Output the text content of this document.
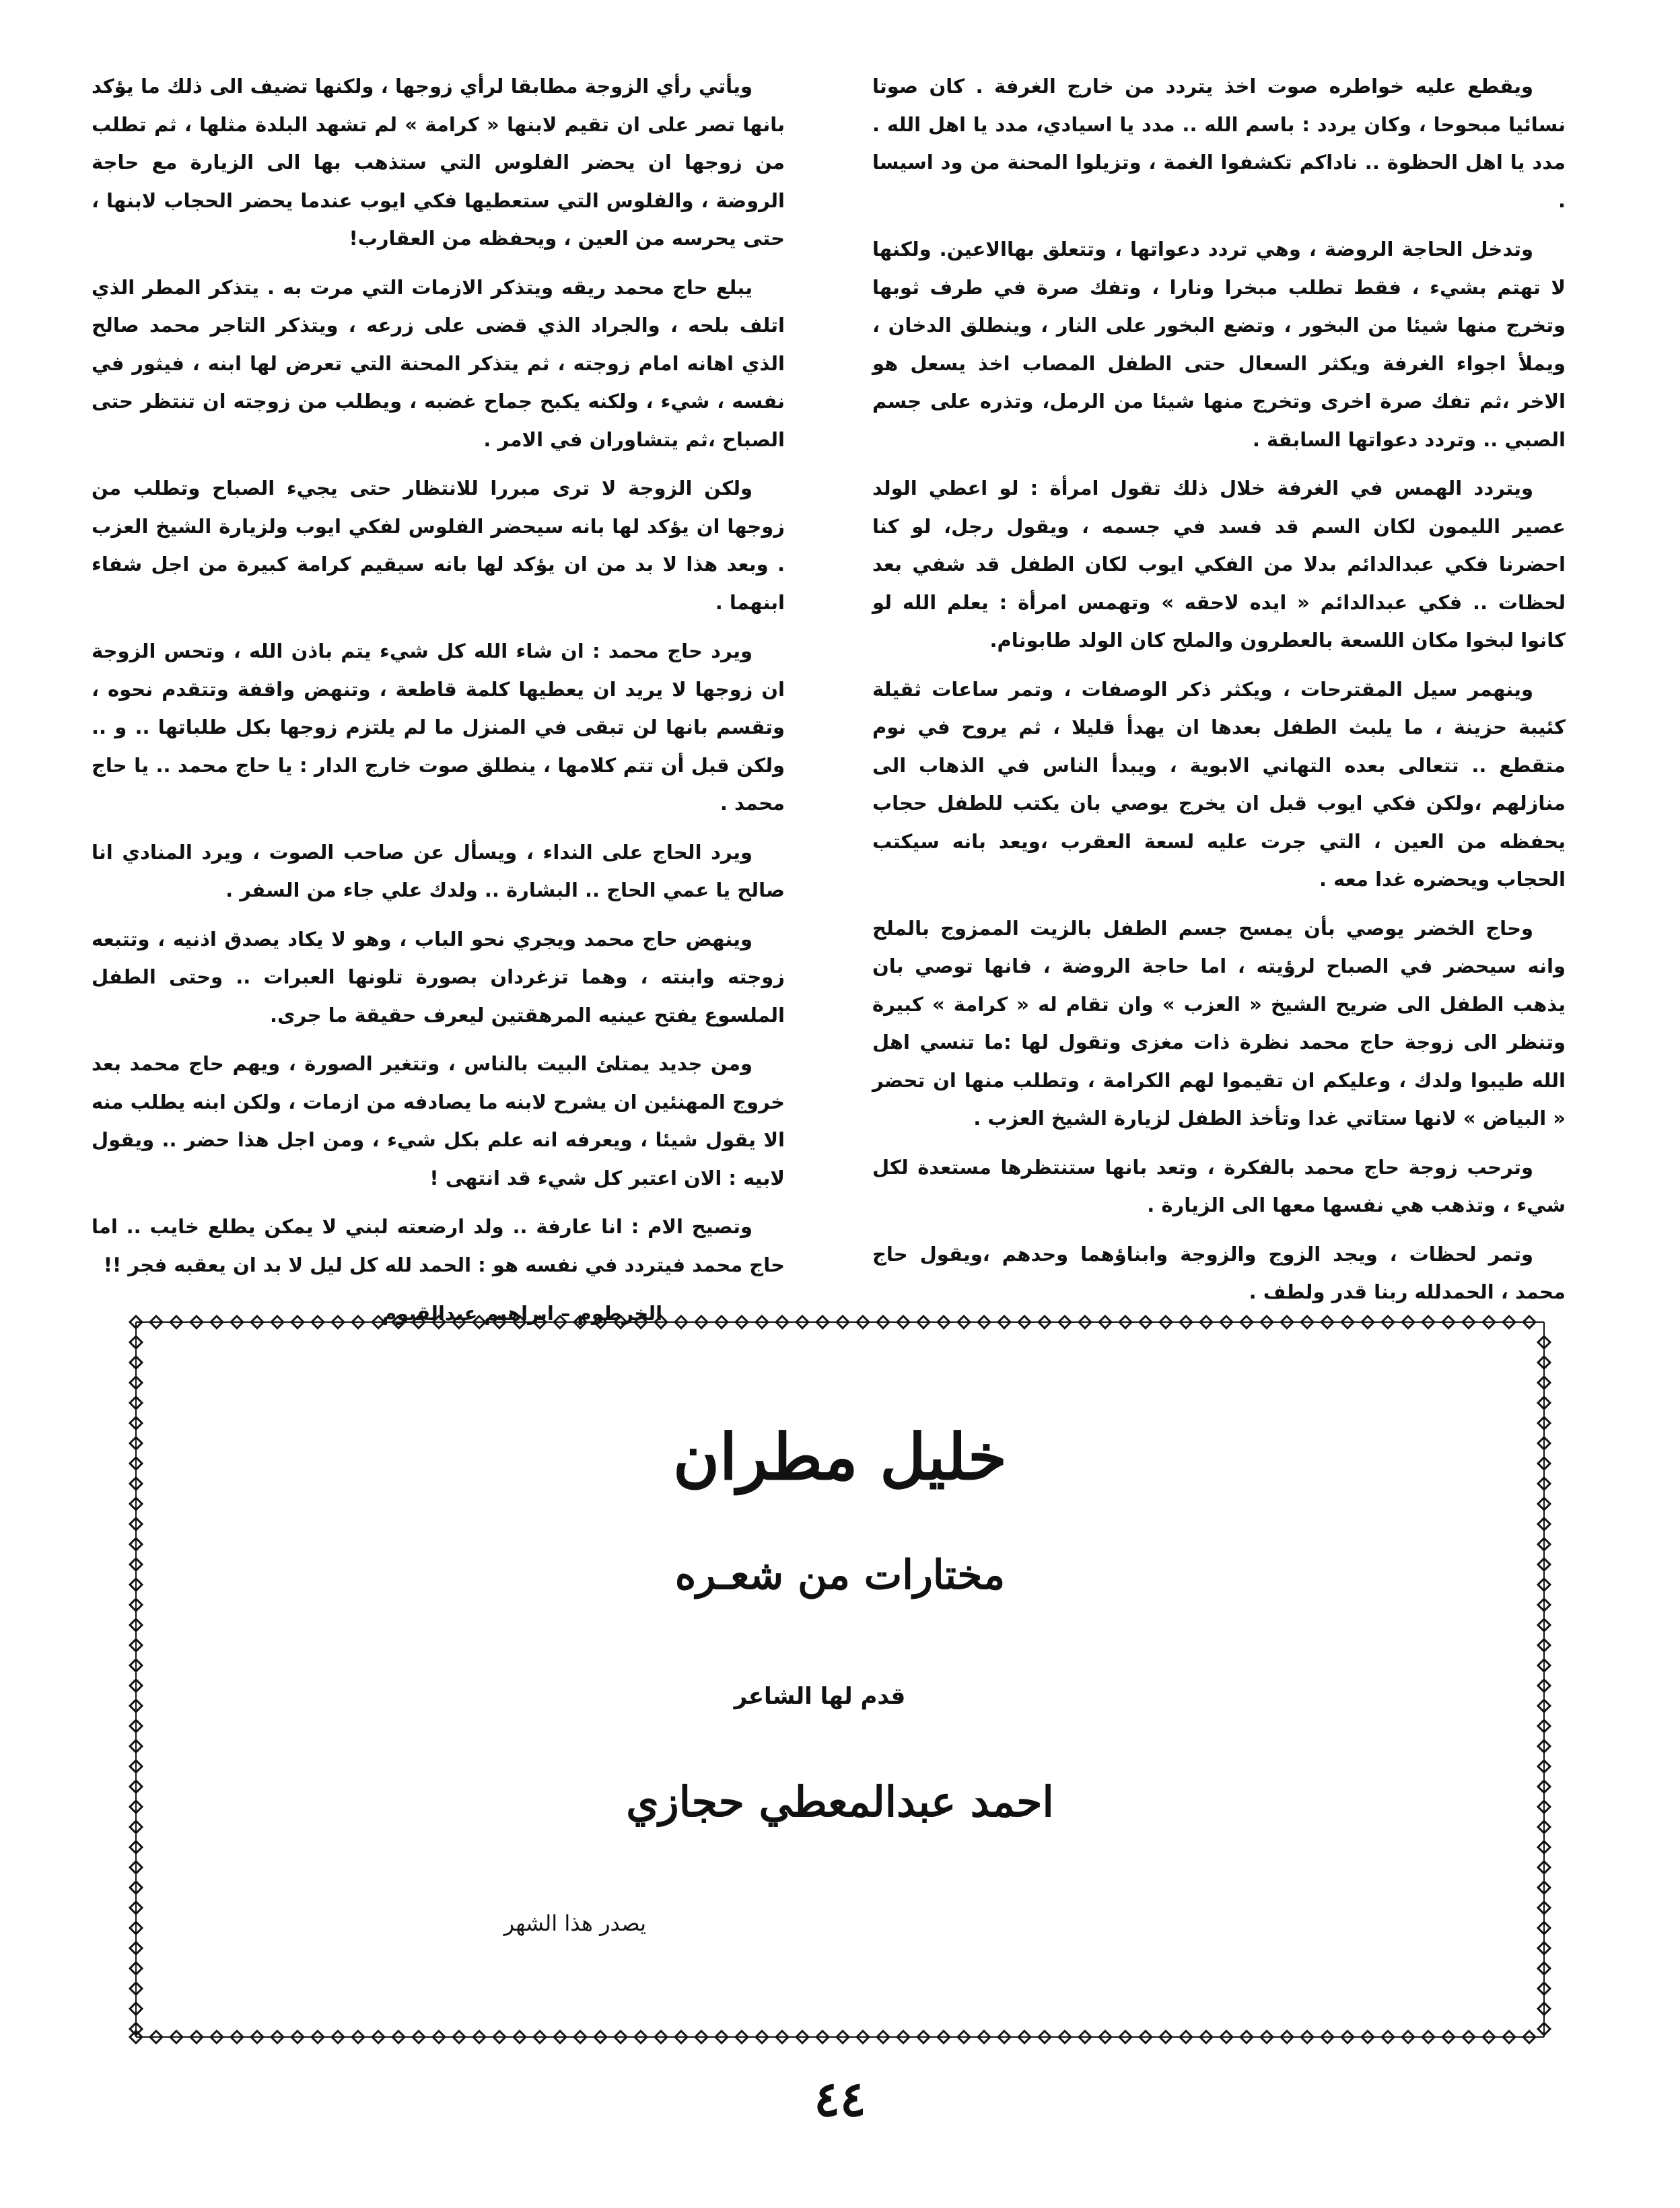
ويقطع عليه خواطره صوت اخذ يتردد من خارج الغرفة . كان صوتا نسائيا مبحوحا ، وكان يردد : باسم الله .. مدد يا اسيادي، مدد يا اهل الله . مدد يا اهل الحظوة .. ناداكم تكشفوا الغمة ، وتزيلوا المحنة من ود اسيسا .

وتدخل الحاجة الروضة ، وهي تردد دعواتها ، وتتعلق بهاالاعين. ولكنها لا تهتم بشيء ، فقط تطلب مبخرا ونارا ، وتفك صرة في طرف ثوبها وتخرج منها شيئا من البخور ، وتضع البخور على النار ، وينطلق الدخان ، ويملأ اجواء الغرفة ويكثر السعال حتى الطفل المصاب اخذ يسعل هو الاخر ،ثم تفك صرة اخرى وتخرج منها شيئا من الرمل، وتذره على جسم الصبي .. وتردد دعواتها السابقة .

ويتردد الهمس في الغرفة خلال ذلك تقول امرأة : لو اعطي الولد عصير الليمون لكان السم قد فسد في جسمه ، ويقول رجل، لو كنا احضرنا فكي عبدالدائم بدلا من الفكي ايوب لكان الطفل قد شفي بعد لحظات .. فكي عبدالدائم « ايده لاحقه » وتهمس امرأة : يعلم الله لو كانوا لبخوا مكان اللسعة بالعطرون والملح كان الولد طابونام.

وينهمر سيل المقترحات ، ويكثر ذكر الوصفات ، وتمر ساعات ثقيلة كئيبة حزينة ، ما يلبث الطفل بعدها ان يهدأ قليلا ، ثم يروح في نوم متقطع .. تتعالى بعده التهاني الابوية ، ويبدأ الناس في الذهاب الى منازلهم ،ولكن فكي ايوب قبل ان يخرج يوصي بان يكتب للطفل حجاب يحفظه من العين ، التي جرت عليه لسعة العقرب ،ويعد بانه سيكتب الحجاب ويحضره غدا معه .

وحاج الخضر يوصي بأن يمسح جسم الطفل بالزيت الممزوج بالملح وانه سيحضر في الصباح لرؤيته ، اما حاجة الروضة ، فانها توصي بان يذهب الطفل الى ضريح الشيخ « العزب » وان تقام له « كرامة » كبيرة وتنظر الى زوجة حاج محمد نظرة ذات مغزى وتقول لها :ما تنسي اهل الله طيبوا ولدك ، وعليكم ان تقيموا لهم الكرامة ، وتطلب منها ان تحضر « البياض » لانها ستاتي غدا وتأخذ الطفل لزيارة الشيخ العزب .

وترحب زوجة حاج محمد بالفكرة ، وتعد بانها ستنتظرها مستعدة لكل شيء ، وتذهب هي نفسها معها الى الزيارة .

وتمر لحظات ، ويجد الزوج والزوجة وابناؤهما وحدهم ،ويقول حاج محمد ، الحمدلله ربنا قدر ولطف .

ويأتي رأي الزوجة مطابقا لرأي زوجها ، ولكنها تضيف الى ذلك ما يؤكد بانها تصر على ان تقيم لابنها « كرامة » لم تشهد البلدة مثلها ، ثم تطلب من زوجها ان يحضر الفلوس التي ستذهب بها الى الزيارة مع حاجة الروضة ، والفلوس التي ستعطيها فكي ايوب عندما يحضر الحجاب لابنها ، حتى يحرسه من العين ، ويحفظه من العقارب!

يبلع حاج محمد ريقه ويتذكر الازمات التي مرت به . يتذكر المطر الذي اتلف بلحه ، والجراد الذي قضى على زرعه ، ويتذكر التاجر محمد صالح الذي اهانه امام زوجته ، ثم يتذكر المحنة التي تعرض لها ابنه ، فيثور في نفسه ، شيء ، ولكنه يكبح جماح غضبه ، ويطلب من زوجته ان تنتظر حتى الصباح ،ثم يتشاوران في الامر .

ولكن الزوجة لا ترى مبررا للانتظار حتى يجيء الصباح وتطلب من زوجها ان يؤكد لها بانه سيحضر الفلوس لفكي ايوب ولزيارة الشيخ العزب . وبعد هذا لا بد من ان يؤكد لها بانه سيقيم كرامة كبيرة من اجل شفاء ابنهما .

ويرد حاج محمد : ان شاء الله كل شيء يتم باذن الله ، وتحس الزوجة ان زوجها لا يريد ان يعطيها كلمة قاطعة ، وتنهض واقفة وتتقدم نحوه ، وتقسم بانها لن تبقى في المنزل ما لم يلتزم زوجها بكل طلباتها .. و .. ولكن قبل أن تتم كلامها ، ينطلق صوت خارج الدار : يا حاج محمد .. يا حاج محمد .

ويرد الحاج على النداء ، ويسأل عن صاحب الصوت ، ويرد المنادي انا صالح يا عمي الحاج .. البشارة .. ولدك علي جاء من السفر .

وينهض حاج محمد ويجري نحو الباب ، وهو لا يكاد يصدق اذنيه ، وتتبعه زوجته وابنته ، وهما تزغردان بصورة تلونها العبرات .. وحتى الطفل الملسوع يفتح عينيه المرهقتين ليعرف حقيقة ما جرى.

ومن جديد يمتلئ البيت بالناس ، وتتغير الصورة ، ويهم حاج محمد بعد خروج المهنئين ان يشرح لابنه ما يصادفه من ازمات ، ولكن ابنه يطلب منه الا يقول شيئا ، ويعرفه انه علم بكل شيء ، ومن اجل هذا حضر .. ويقول لابيه : الان اعتبر كل شيء قد انتهى !

وتصيح الام : انا عارفة .. ولد ارضعته لبني لا يمكن يطلع خايب .. اما حاج محمد فيتردد في نفسه هو : الحمد لله كل ليل لا بد ان يعقبه فجر !!

الخرطوم – ابراهيم عبدالقيوم

خليل مطران
مختارات من شعـره
قدم لها الشاعر
احمد عبدالمعطي حجازي
يصدر هذا الشهر
٤٤
